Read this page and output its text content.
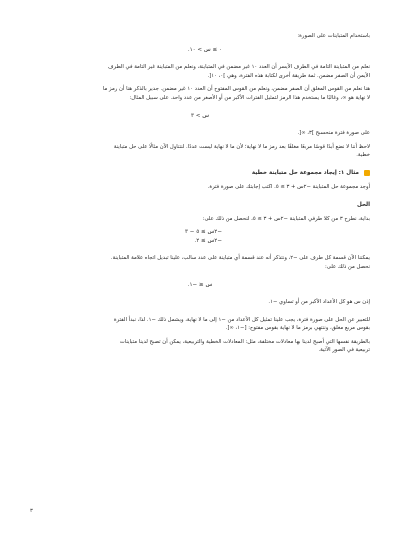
باستخدام المتباينات على الصورة:

٠ ≥ س > ١٠.

نعلم من المتباينة التامة في الطرف الأيسر أن العدد ١٠ غير مضمن في المتباينة، ونعلم من المتباينة غير التامة في الطرف

الأيمن أن الصفر مضمن. ثمة طريقة أخرى لكتابة هذه الفترة، وهي ]٠، ١٠[.

هنا نعلم من القوس المغلق أن الصفر مضمن، ونعلم من القوس المفتوح أن العدد ١٠ غير مضمن. جدير بالذكر هنا أن رمز ما

لا نهاية هو ∞، وغالبًا ما يستخدم هذا الرمز لتمثيل الفترات الأكبر من أو الأصغر من عدد واحد. على سبيل المثال:

س > ٣

على صورة فترة منحسبح ]٣، ∞[.

لاحظ أننا لا نضع أبدًا قوسًا مربعًا مغلقًا بعد رمز ما لا نهاية؛ لأن ما لا نهاية ليست عددًا. لنتناول الآن مثالًا على حل متباينة

خطية.

مثال ١: إيجاد مجموعة حل متباينة خطية

أوجد مجموعة حل المتباينة −٢س + ٣ ≥ ٥. اكتب إجابتك على صورة فترة.

الحل

بداية، نطرح ٣ من كلا طرفي المتباينة −٢س + ٣ ≥ ٥، لنحصل من ذلك على:

−٢س ≥ ٥ − ٣

−٢س ≥ ٢.

يمكننا الآن قسمة كل طرف على −٢، ونتذكر أنه عند قسمة أي متباينة على عدد سالب، علينا تبديل اتجاه علامة المتباينة.

نحصل من ذلك على:

س ≤ −١.

إذن س هو كل الأعداد الأكبر من أو تساوي −١.

للتعبير عن الحل على صورة فترة، يجب علينا تمثيل كل الأعداد من −١ إلى ما لا نهاية، ويشمل ذلك −١. لذا، نبدأ الفترة

بقوس مربع مغلق، وننتهي برمز ما لا نهاية بقوس مفتوح: [−١، ∞[.

بالطريقة نفسها التي أصبح لدينا بها معادلات مختلفة، مثل: المعادلات الخطية والتربيعية، يمكن أن تصبح لدينا متباينات

تربيعية في الصور الآتية.

٣
